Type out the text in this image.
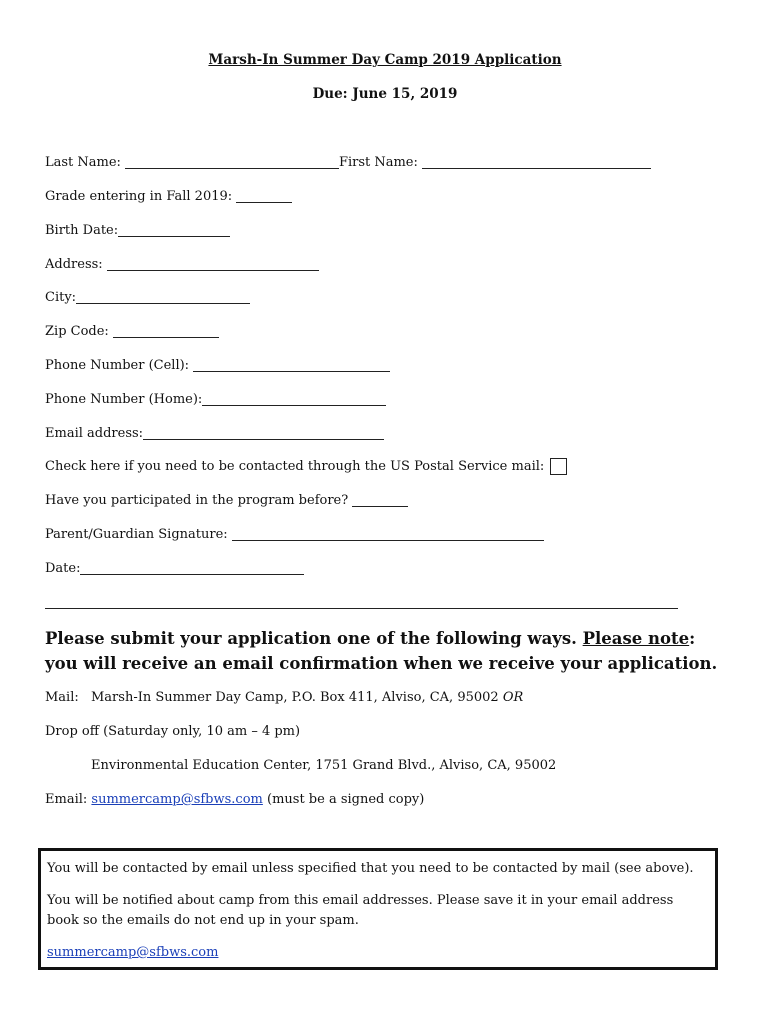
Marsh-In Summer Day Camp 2019 Application
Due: June 15, 2019
Last Name:	First Name:
Grade entering in Fall 2019:
Birth Date:
Address:
City:
Zip Code:
Phone Number (Cell):
Phone Number (Home):
Email address:
Check here if you need to be contacted through the US Postal Service mail:
Have you participated in the program before?
Parent/Guardian Signature:
Date:
Please submit your application one of the following ways. Please note: you will receive an email confirmation when we receive your application.
Mail: Marsh-In Summer Day Camp, P.O. Box 411, Alviso, CA, 95002 OR
Drop off (Saturday only, 10 am – 4 pm)
Environmental Education Center, 1751 Grand Blvd., Alviso, CA, 95002
Email: summercamp@sfbws.com (must be a signed copy)

You will be contacted by email unless specified that you need to be contacted by mail (see above).

You will be notified about camp from this email addresses. Please save it in your email address book so the emails do not end up in your spam.

summercamp@sfbws.com
